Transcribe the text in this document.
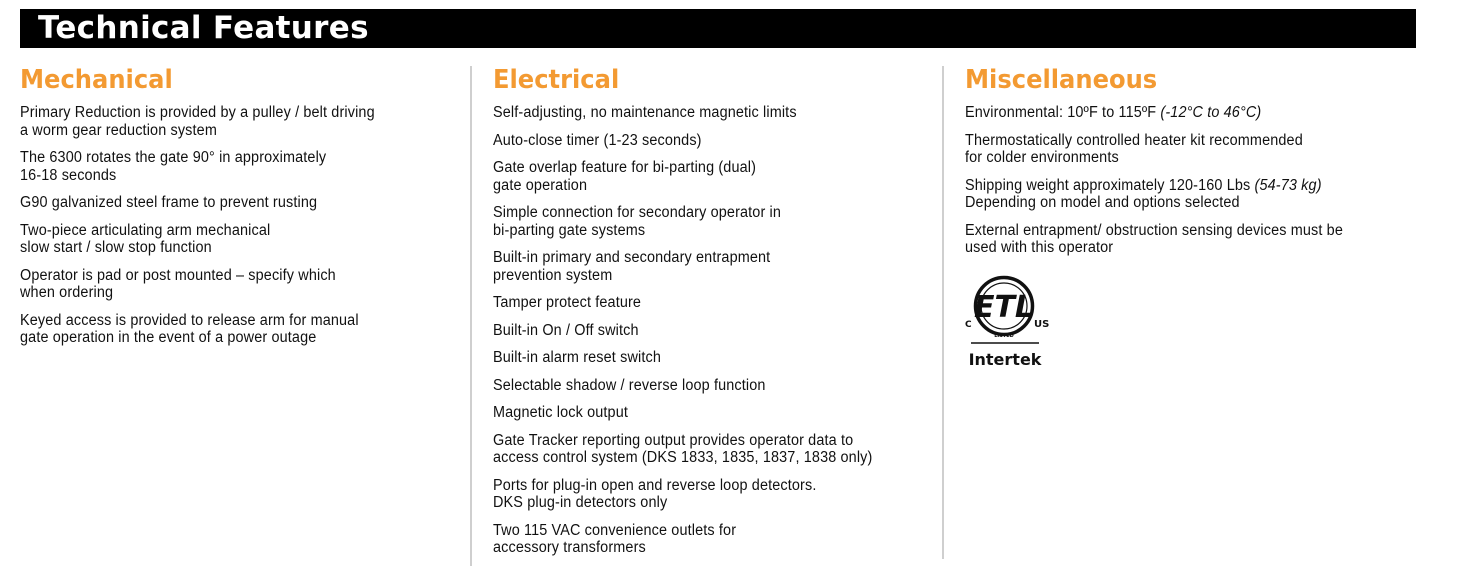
Technical Features
Mechanical
Primary Reduction is provided by a pulley / belt driving
a worm gear reduction system
The 6300 rotates the gate 90° in approximately
16-18 seconds
G90 galvanized steel frame to prevent rusting
Two-piece articulating arm mechanical
slow start / slow stop function
Operator is pad or post mounted – specify which
when ordering
Keyed access is provided to release arm for manual
gate operation in the event of a power outage
Electrical
Self-adjusting, no maintenance magnetic limits
Auto-close timer (1-23 seconds)
Gate overlap feature for bi-parting (dual)
gate operation
Simple connection for secondary operator in
bi-parting gate systems
Built-in primary and secondary entrapment
prevention system
Tamper protect feature
Built-in On / Off switch
Built-in alarm reset switch
Selectable shadow / reverse loop function
Magnetic lock output
Gate Tracker reporting output provides operator data to
access control system (DKS 1833, 1835, 1837, 1838 only)
Ports for plug-in open and reverse loop detectors.
DKS plug-in detectors only
Two 115 VAC convenience outlets for
accessory transformers
Miscellaneous
Environmental: 10ºF to 115ºF (-12°C to 46°C)
Thermostatically controlled heater kit recommended
for colder environments
Shipping weight approximately 120-160 Lbs (54-73 kg)
Depending on model and options selected
External entrapment/ obstruction sensing devices must be
used with this operator
ETL
LISTED
C	US
Intertek
